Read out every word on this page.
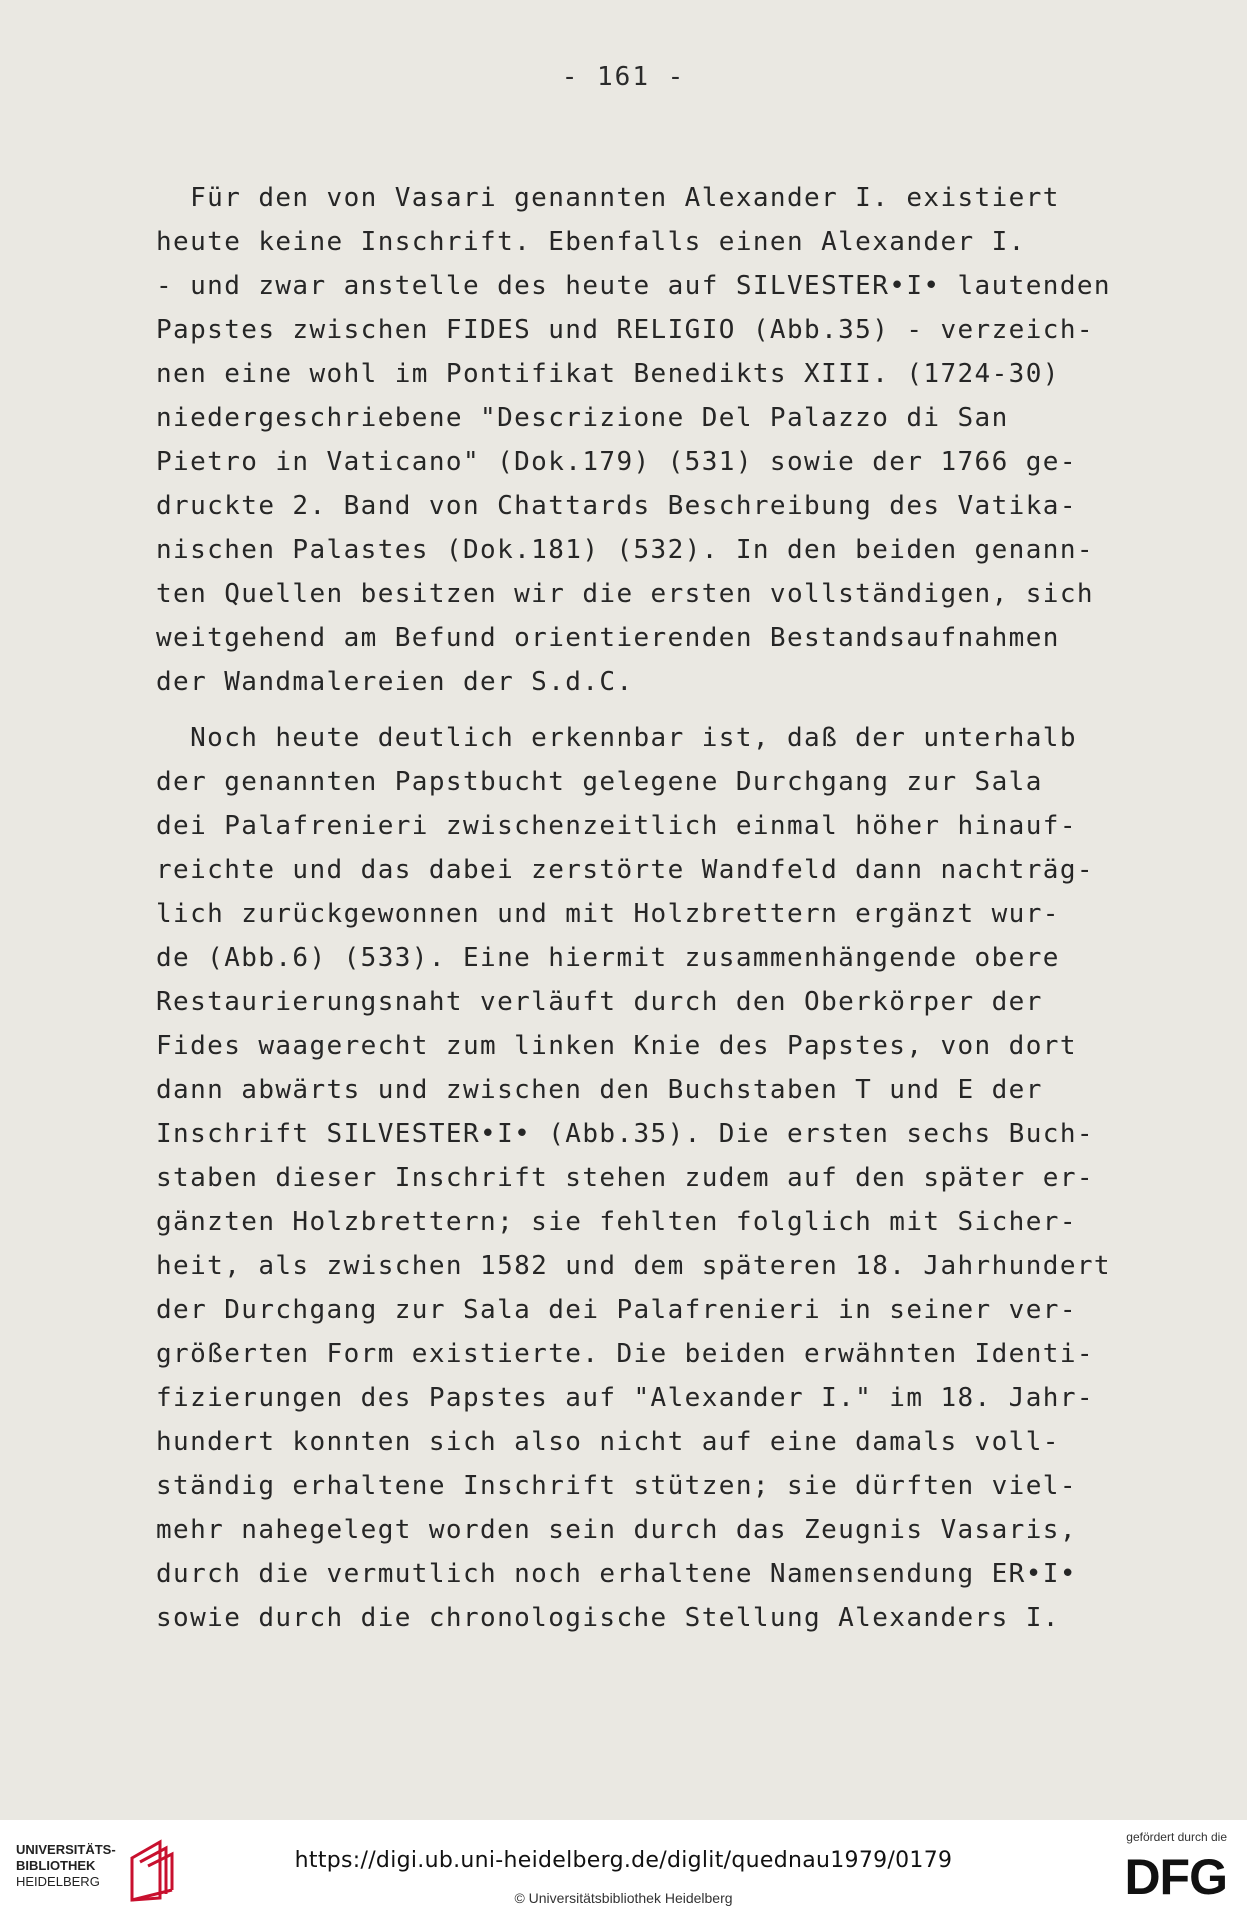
- 161 -
Für den von Vasari genannten Alexander I. existiert
heute keine Inschrift. Ebenfalls einen Alexander I.
- und zwar anstelle des heute auf SILVESTER•I• lautenden
Papstes zwischen FIDES und RELIGIO (Abb.35) - verzeich-
nen eine wohl im Pontifikat Benedikts XIII. (1724-30)
niedergeschriebene "Descrizione Del Palazzo di San
Pietro in Vaticano" (Dok.179) (531) sowie der 1766 ge-
druckte 2. Band von Chattards Beschreibung des Vatika-
nischen Palastes (Dok.181) (532). In den beiden genann-
ten Quellen besitzen wir die ersten vollständigen, sich
weitgehend am Befund orientierenden Bestandsaufnahmen
der Wandmalereien der S.d.C.
Noch heute deutlich erkennbar ist, daß der unterhalb
der genannten Papstbucht gelegene Durchgang zur Sala
dei Palafrenieri zwischenzeitlich einmal höher hinauf-
reichte und das dabei zerstörte Wandfeld dann nachträg-
lich zurückgewonnen und mit Holzbrettern ergänzt wur-
de (Abb.6) (533). Eine hiermit zusammenhängende obere
Restaurierungsnaht verläuft durch den Oberkörper der
Fides waagerecht zum linken Knie des Papstes, von dort
dann abwärts und zwischen den Buchstaben T und E der
Inschrift SILVESTER•I• (Abb.35). Die ersten sechs Buch-
staben dieser Inschrift stehen zudem auf den später er-
gänzten Holzbrettern; sie fehlten folglich mit Sicher-
heit, als zwischen 1582 und dem späteren 18. Jahrhundert
der Durchgang zur Sala dei Palafrenieri in seiner ver-
größerten Form existierte. Die beiden erwähnten Identi-
fizierungen des Papstes auf "Alexander I." im 18. Jahr-
hundert konnten sich also nicht auf eine damals voll-
ständig erhaltene Inschrift stützen; sie dürften viel-
mehr nahegelegt worden sein durch das Zeugnis Vasaris,
durch die vermutlich noch erhaltene Namensendung ER•I•
sowie durch die chronologische Stellung Alexanders I.
UNIVERSITÄTS-
BIBLIOTHEK
HEIDELBERG
https://digi.ub.uni-heidelberg.de/diglit/quednau1979/0179
© Universitätsbibliothek Heidelberg
gefördert durch die
DFG
